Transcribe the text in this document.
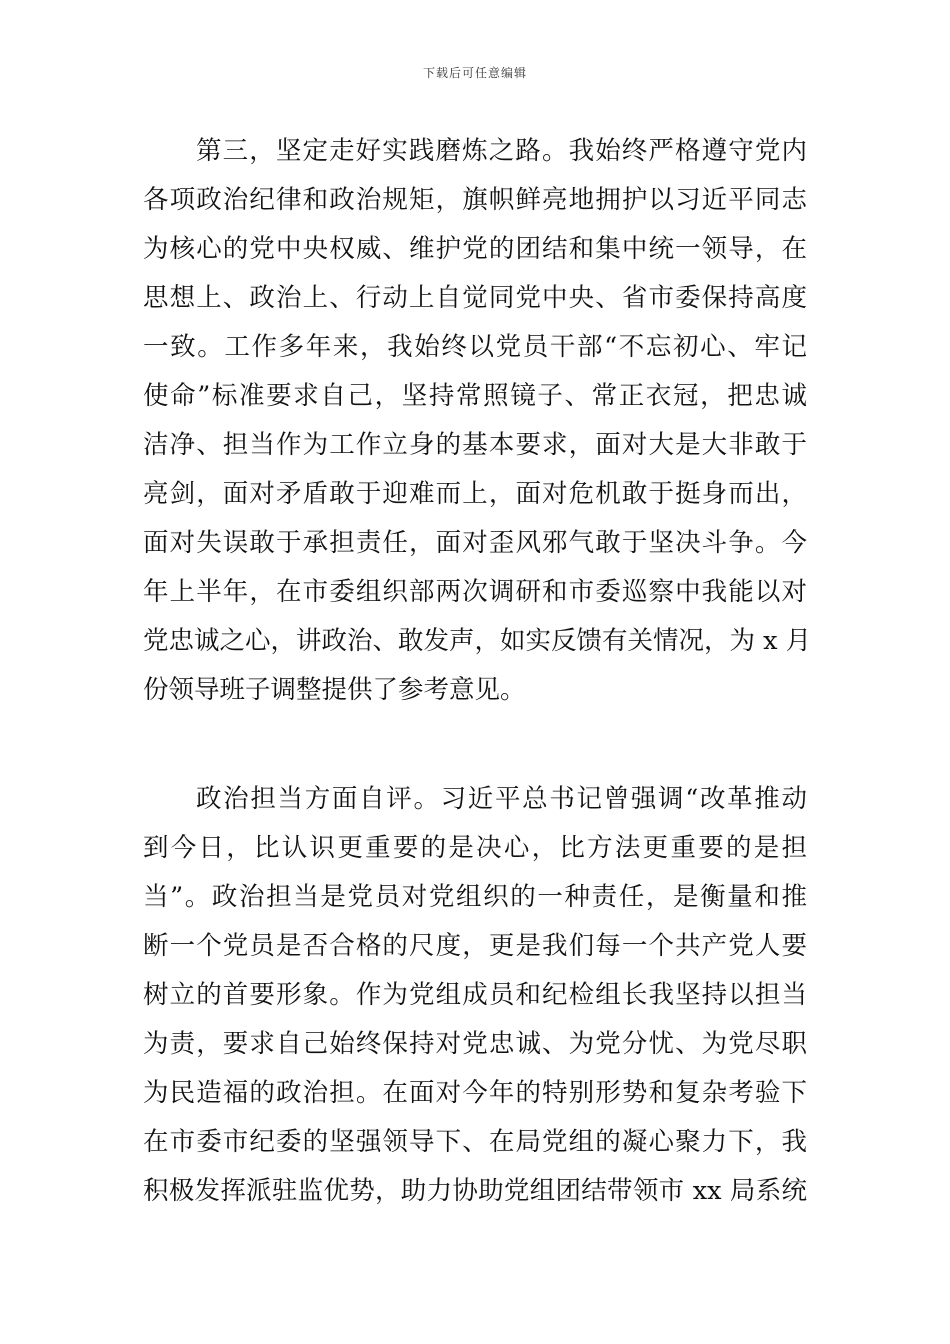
下载后可任意编辑
第三，坚定走好实践磨炼之路。我始终严格遵守党内
各项政治纪律和政治规矩，旗帜鲜亮地拥护以习近平同志
为核心的党中央权威、维护党的团结和集中统一领导，在
思想上、政治上、行动上自觉同党中央、省市委保持高度
一致。工作多年来，我始终以党员干部“不忘初心、牢记
使命”标准要求自己，坚持常照镜子、常正衣冠，把忠诚
洁净、担当作为工作立身的基本要求，面对大是大非敢于
亮剑，面对矛盾敢于迎难而上，面对危机敢于挺身而出，
面对失误敢于承担责任，面对歪风邪气敢于坚决斗争。今
年上半年，在市委组织部两次调研和市委巡察中我能以对
党忠诚之心，讲政治、敢发声，如实反馈有关情况，为 x 月
份领导班子调整提供了参考意见。
政治担当方面自评。习近平总书记曾强调“改革推动
到今日，比认识更重要的是决心，比方法更重要的是担
当”。政治担当是党员对党组织的一种责任，是衡量和推
断一个党员是否合格的尺度，更是我们每一个共产党人要
树立的首要形象。作为党组成员和纪检组长我坚持以担当
为责，要求自己始终保持对党忠诚、为党分忧、为党尽职
为民造福的政治担。在面对今年的特别形势和复杂考验下
在市委市纪委的坚强领导下、在局党组的凝心聚力下，我
积极发挥派驻监优势，助力协助党组团结带领市 xx 局系统
